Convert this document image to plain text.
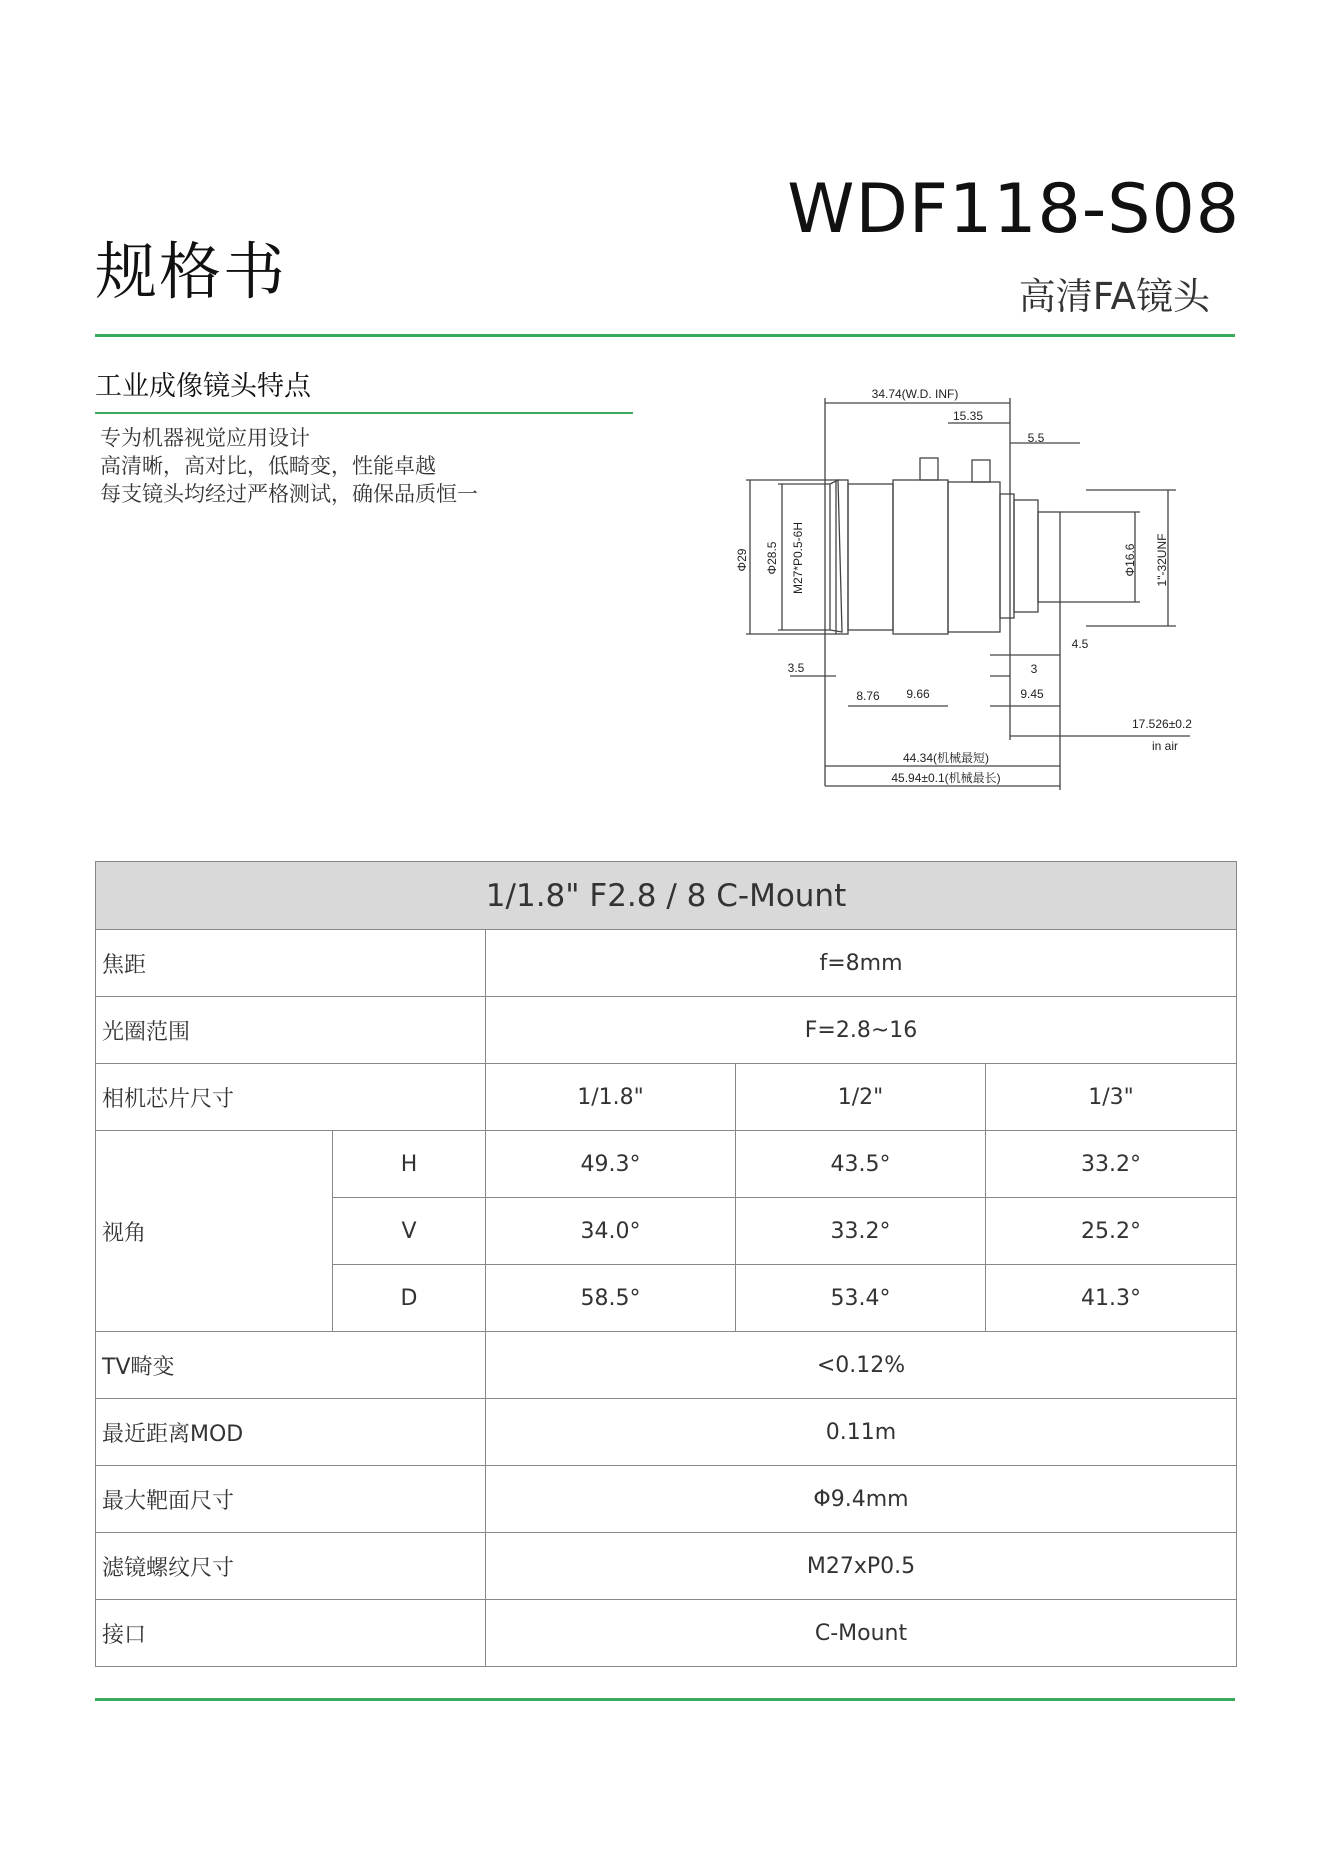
规格书
WDF118-S08
高清FA镜头
工业成像镜头特点
专为机器视觉应用设计
高清晰，高对比，低畸变，性能卓越
每支镜头均经过严格测试，确保品质恒一
34.74(W.D. INF)
15.35
5.5
4.5
3.5	3
8.76 9.66	9.45
17.526±0.2
in air
44.34(机械最短)
45.94±0.1(机械最长)
Φ29 Φ28.5 M27*P0.5-6H	Φ16.6 1"-32UNF
1/1.8" F2.8 / 8 C-Mount				
焦距		f=8mm		
光圈范围		F=2.8~16		
相机芯片尺寸		1/1.8"	1/2"	1/3"
视角	H	49.3°	43.5°	33.2°
	V	34.0°	33.2°	25.2°
	D	58.5°	53.4°	41.3°
TV畸变		<0.12%		
最近距离MOD		0.11m		
最大靶面尺寸		Φ9.4mm		
滤镜螺纹尺寸		M27xP0.5		
接口		C-Mount		
